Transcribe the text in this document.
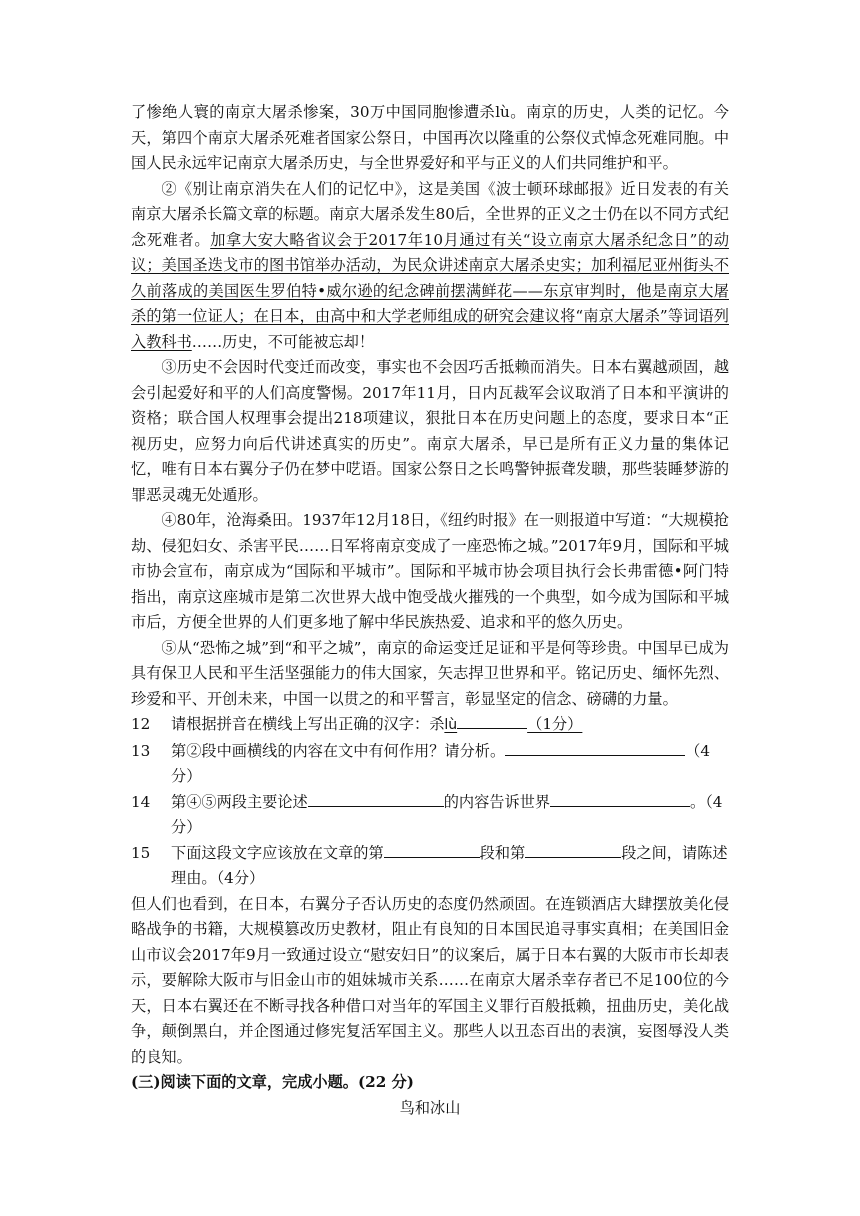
了惨绝人寰的南京大屠杀惨案，30万中国同胞惨遭杀lù。南京的历史，人类的记忆。今天，第四个南京大屠杀死难者国家公祭日，中国再次以隆重的公祭仪式悼念死难同胞。中国人民永远牢记南京大屠杀历史，与全世界爱好和平与正义的人们共同维护和平。

②《别让南京消失在人们的记忆中》，这是美国《波士顿环球邮报》近日发表的有关南京大屠杀长篇文章的标题。南京大屠杀发生80后，全世界的正义之士仍在以不同方式纪念死难者。加拿大安大略省议会于2017年10月通过有关“设立南京大屠杀纪念日”的动议；美国圣迭戈市的图书馆举办活动，为民众讲述南京大屠杀史实；加利福尼亚州街头不久前落成的美国医生罗伯特•威尔逊的纪念碑前摆满鲜花——东京审判时，他是南京大屠杀的第一位证人；在日本，由高中和大学老师组成的研究会建议将“南京大屠杀”等词语列入教科书……历史，不可能被忘却！

③历史不会因时代变迁而改变，事实也不会因巧舌抵赖而消失。日本右翼越顽固，越会引起爱好和平的人们高度警惕。2017年11月，日内瓦裁军会议取消了日本和平演讲的资格；联合国人权理事会提出218项建议，狠批日本在历史问题上的态度，要求日本“正视历史，应努力向后代讲述真实的历史”。南京大屠杀，早已是所有正义力量的集体记忆，唯有日本右翼分子仍在梦中呓语。国家公祭日之长鸣警钟振聋发聩，那些装睡梦游的罪恶灵魂无处遁形。

④80年，沧海桑田。1937年12月18日，《纽约时报》在一则报道中写道：“大规模抢劫、侵犯妇女、杀害平民……日军将南京变成了一座恐怖之城。”2017年9月，国际和平城市协会宣布，南京成为“国际和平城市”。国际和平城市协会项目执行会长弗雷德•阿门特指出，南京这座城市是第二次世界大战中饱受战火摧残的一个典型，如今成为国际和平城市后，方便全世界的人们更多地了解中华民族热爱、追求和平的悠久历史。

⑤从“恐怖之城”到“和平之城”，南京的命运变迁足证和平是何等珍贵。中国早已成为具有保卫人民和平生活坚强能力的伟大国家，矢志捍卫世界和平。铭记历史、缅怀先烈、珍爱和平、开创未来，中国一以贯之的和平誓言，彰显坚定的信念、磅礴的力量。

12	请根据拼音在横线上写出正确的汉字：杀lù	（1分）
13	第②段中画横线的内容在文中有何作用？请分析。	（4分）
14	第④⑤两段主要论述	的内容告诉世界	。（4分）
15	下面这段文字应该放在文章的第	段和第	段之间，请陈述理由。（4分）

但人们也看到，在日本，右翼分子否认历史的态度仍然顽固。在连锁酒店大肆摆放美化侵略战争的书籍，大规模篡改历史教材，阻止有良知的日本国民追寻事实真相；在美国旧金山市议会2017年9月一致通过设立“慰安妇日”的议案后，属于日本右翼的大阪市市长却表示，要解除大阪市与旧金山市的姐妹城市关系……在南京大屠杀幸存者已不足100位的今天，日本右翼还在不断寻找各种借口对当年的军国主义罪行百般抵赖，扭曲历史，美化战争，颠倒黑白，并企图通过修宪复活军国主义。那些人以丑态百出的表演，妄图辱没人类的良知。

(三)阅读下面的文章，完成小题。(22 分)

鸟和冰山
